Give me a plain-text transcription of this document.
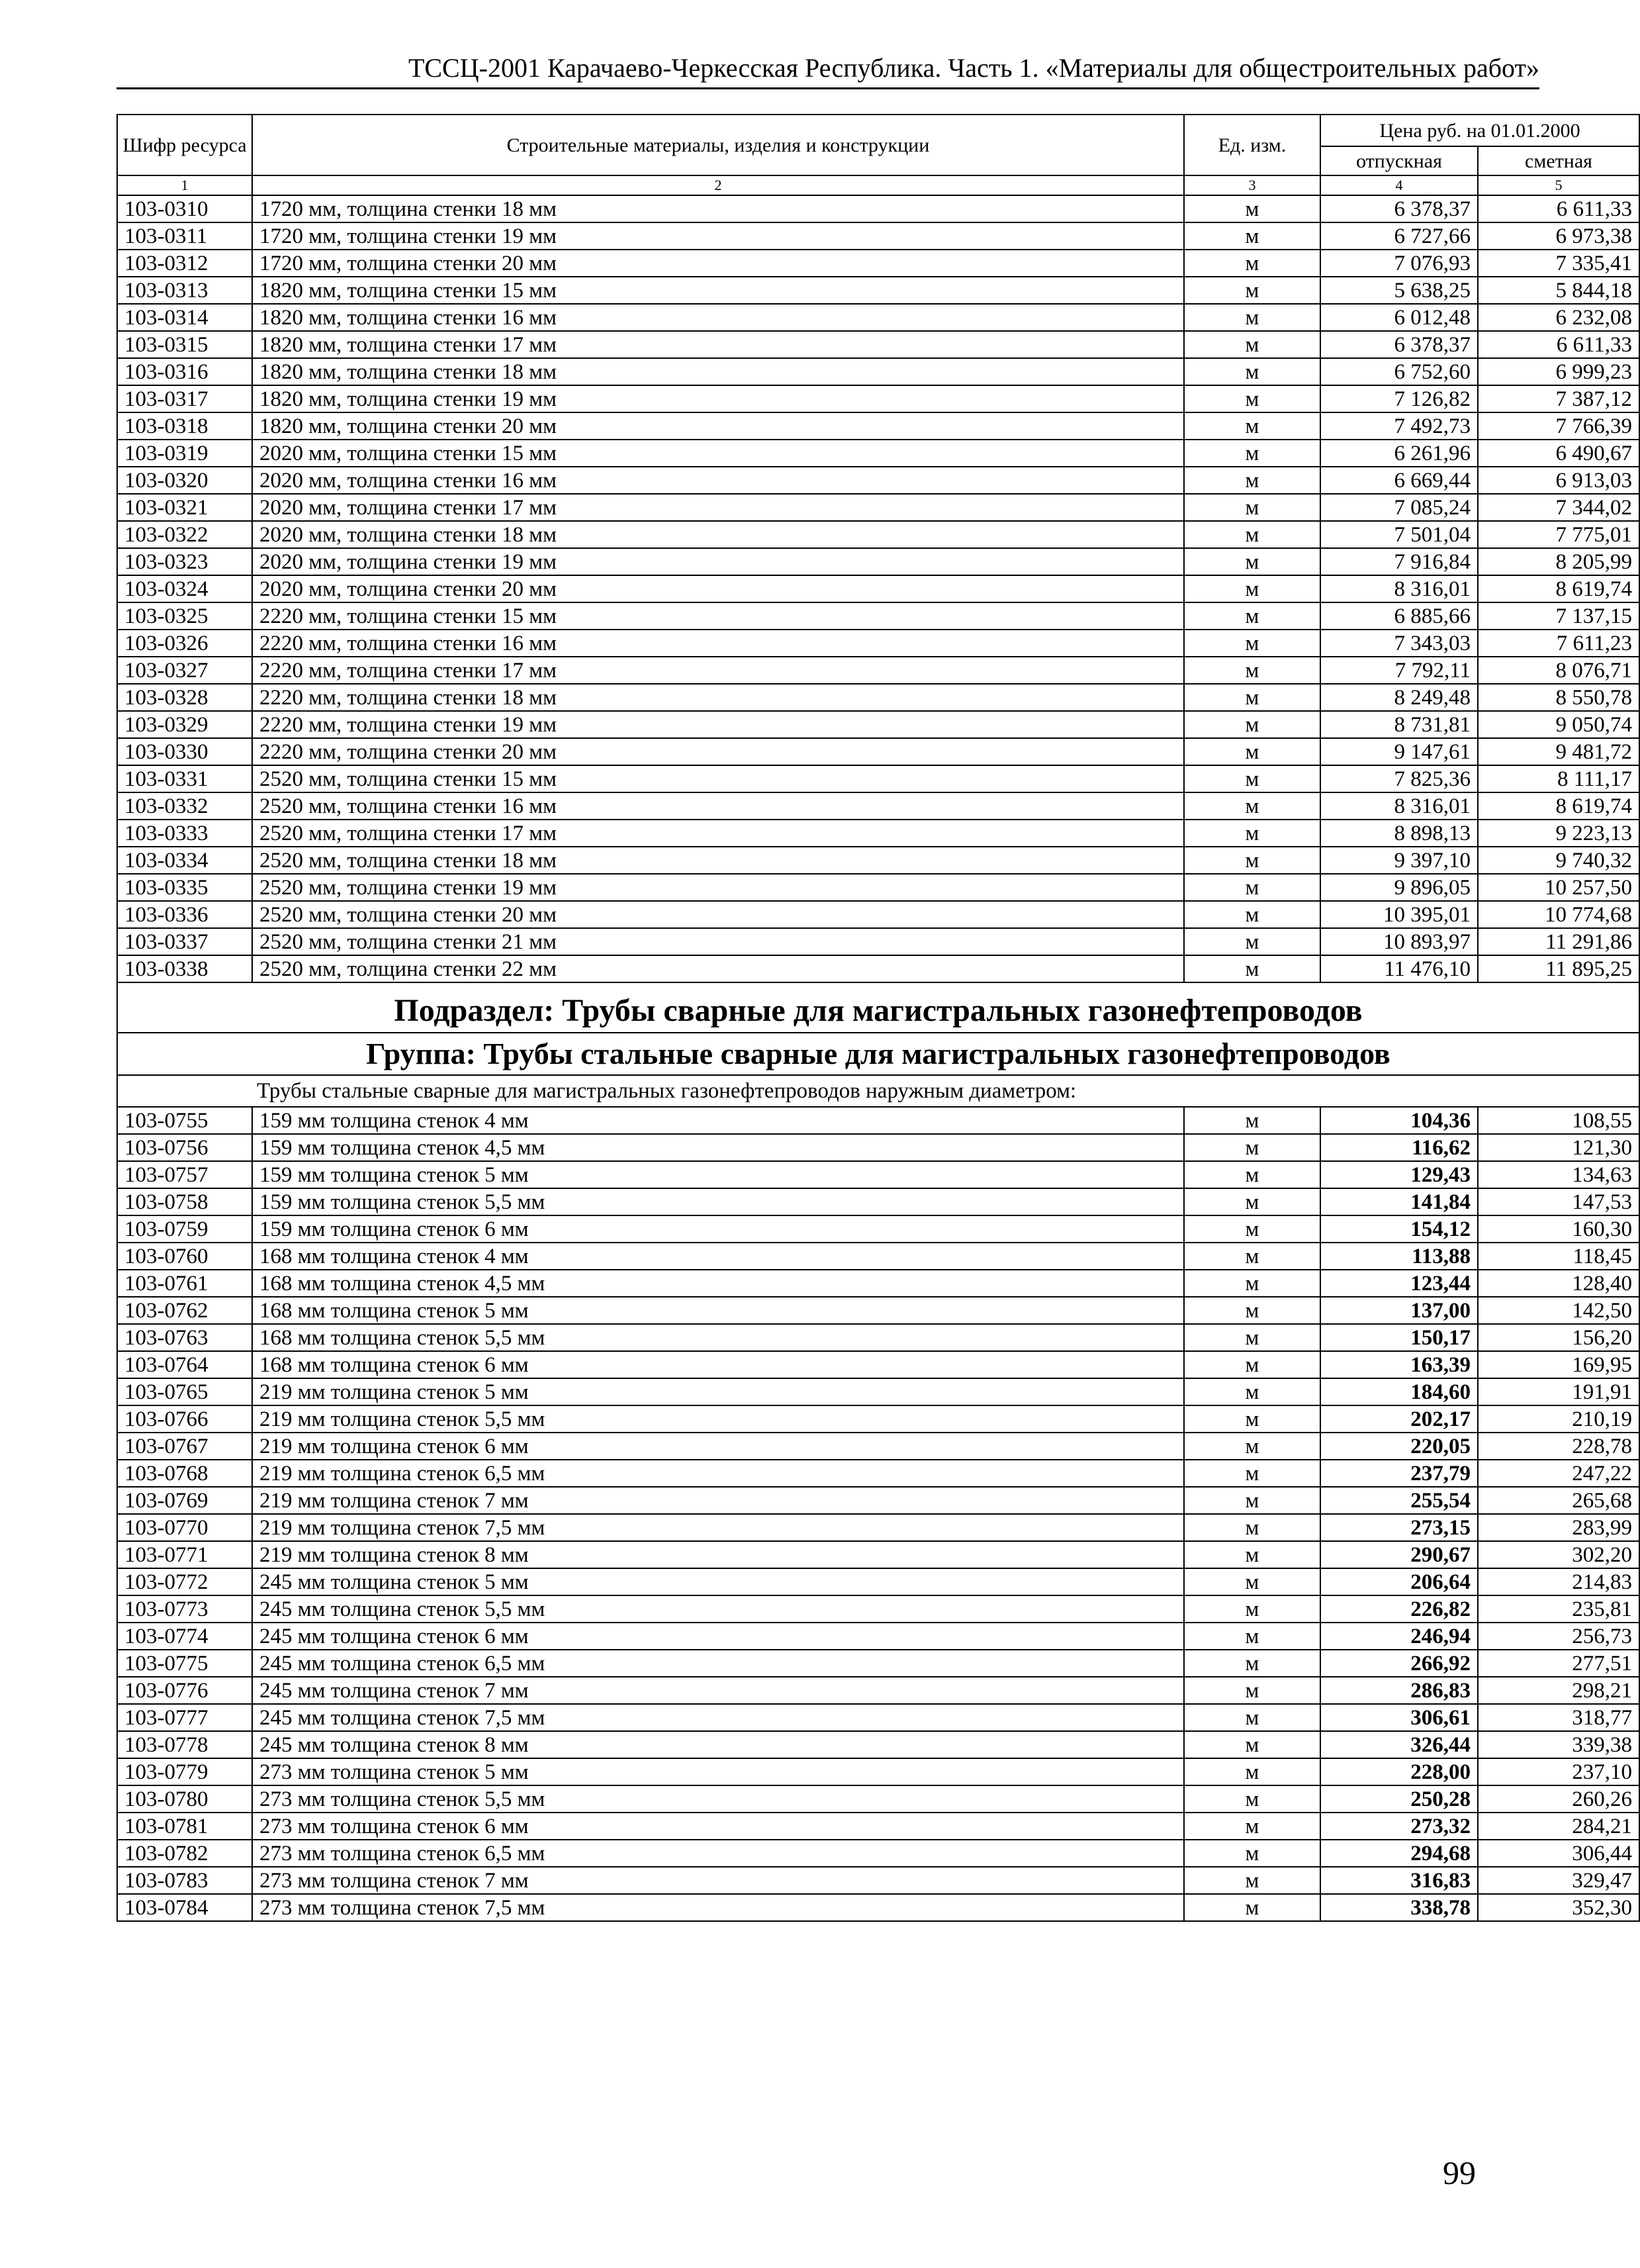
ТССЦ-2001 Карачаево-Черкесская Республика. Часть 1. «Материалы для общестроительных работ»
Шифр ресурса	Строительные материалы, изделия и конструкции	Ед. изм.	Цена руб. на 01.01.2000	
			отпускная	сметная
1	2	3	4	5
103-0310	1720 мм, толщина стенки 18 мм	м	6 378,37	6 611,33
103-0311	1720 мм, толщина стенки 19 мм	м	6 727,66	6 973,38
103-0312	1720 мм, толщина стенки 20 мм	м	7 076,93	7 335,41
103-0313	1820 мм, толщина стенки 15 мм	м	5 638,25	5 844,18
103-0314	1820 мм, толщина стенки 16 мм	м	6 012,48	6 232,08
103-0315	1820 мм, толщина стенки 17 мм	м	6 378,37	6 611,33
103-0316	1820 мм, толщина стенки 18 мм	м	6 752,60	6 999,23
103-0317	1820 мм, толщина стенки 19 мм	м	7 126,82	7 387,12
103-0318	1820 мм, толщина стенки 20 мм	м	7 492,73	7 766,39
103-0319	2020 мм, толщина стенки 15 мм	м	6 261,96	6 490,67
103-0320	2020 мм, толщина стенки 16 мм	м	6 669,44	6 913,03
103-0321	2020 мм, толщина стенки 17 мм	м	7 085,24	7 344,02
103-0322	2020 мм, толщина стенки 18 мм	м	7 501,04	7 775,01
103-0323	2020 мм, толщина стенки 19 мм	м	7 916,84	8 205,99
103-0324	2020 мм, толщина стенки 20 мм	м	8 316,01	8 619,74
103-0325	2220 мм, толщина стенки 15 мм	м	6 885,66	7 137,15
103-0326	2220 мм, толщина стенки 16 мм	м	7 343,03	7 611,23
103-0327	2220 мм, толщина стенки 17 мм	м	7 792,11	8 076,71
103-0328	2220 мм, толщина стенки 18 мм	м	8 249,48	8 550,78
103-0329	2220 мм, толщина стенки 19 мм	м	8 731,81	9 050,74
103-0330	2220 мм, толщина стенки 20 мм	м	9 147,61	9 481,72
103-0331	2520 мм, толщина стенки 15 мм	м	7 825,36	8 111,17
103-0332	2520 мм, толщина стенки 16 мм	м	8 316,01	8 619,74
103-0333	2520 мм, толщина стенки 17 мм	м	8 898,13	9 223,13
103-0334	2520 мм, толщина стенки 18 мм	м	9 397,10	9 740,32
103-0335	2520 мм, толщина стенки 19 мм	м	9 896,05	10 257,50
103-0336	2520 мм, толщина стенки 20 мм	м	10 395,01	10 774,68
103-0337	2520 мм, толщина стенки 21 мм	м	10 893,97	11 291,86
103-0338	2520 мм, толщина стенки 22 мм	м	11 476,10	11 895,25
Подраздел: Трубы сварные для магистральных газонефтепроводов				
Группа: Трубы стальные сварные для магистральных газонефтепроводов				
Трубы стальные сварные для магистральных газонефтепроводов наружным диаметром:				
103-0755	159 мм толщина стенок 4 мм	м	104,36	108,55
103-0756	159 мм толщина стенок 4,5 мм	м	116,62	121,30
103-0757	159 мм толщина стенок 5 мм	м	129,43	134,63
103-0758	159 мм толщина стенок 5,5 мм	м	141,84	147,53
103-0759	159 мм толщина стенок 6 мм	м	154,12	160,30
103-0760	168 мм толщина стенок 4 мм	м	113,88	118,45
103-0761	168 мм толщина стенок 4,5 мм	м	123,44	128,40
103-0762	168 мм толщина стенок 5 мм	м	137,00	142,50
103-0763	168 мм толщина стенок 5,5 мм	м	150,17	156,20
103-0764	168 мм толщина стенок 6 мм	м	163,39	169,95
103-0765	219 мм толщина стенок 5 мм	м	184,60	191,91
103-0766	219 мм толщина стенок 5,5 мм	м	202,17	210,19
103-0767	219 мм толщина стенок 6 мм	м	220,05	228,78
103-0768	219 мм толщина стенок 6,5 мм	м	237,79	247,22
103-0769	219 мм толщина стенок 7 мм	м	255,54	265,68
103-0770	219 мм толщина стенок 7,5 мм	м	273,15	283,99
103-0771	219 мм толщина стенок 8 мм	м	290,67	302,20
103-0772	245 мм толщина стенок 5 мм	м	206,64	214,83
103-0773	245 мм толщина стенок 5,5 мм	м	226,82	235,81
103-0774	245 мм толщина стенок 6 мм	м	246,94	256,73
103-0775	245 мм толщина стенок 6,5 мм	м	266,92	277,51
103-0776	245 мм толщина стенок 7 мм	м	286,83	298,21
103-0777	245 мм толщина стенок 7,5 мм	м	306,61	318,77
103-0778	245 мм толщина стенок 8 мм	м	326,44	339,38
103-0779	273 мм толщина стенок 5 мм	м	228,00	237,10
103-0780	273 мм толщина стенок 5,5 мм	м	250,28	260,26
103-0781	273 мм толщина стенок 6 мм	м	273,32	284,21
103-0782	273 мм толщина стенок 6,5 мм	м	294,68	306,44
103-0783	273 мм толщина стенок 7 мм	м	316,83	329,47
103-0784	273 мм толщина стенок 7,5 мм	м	338,78	352,30
99
